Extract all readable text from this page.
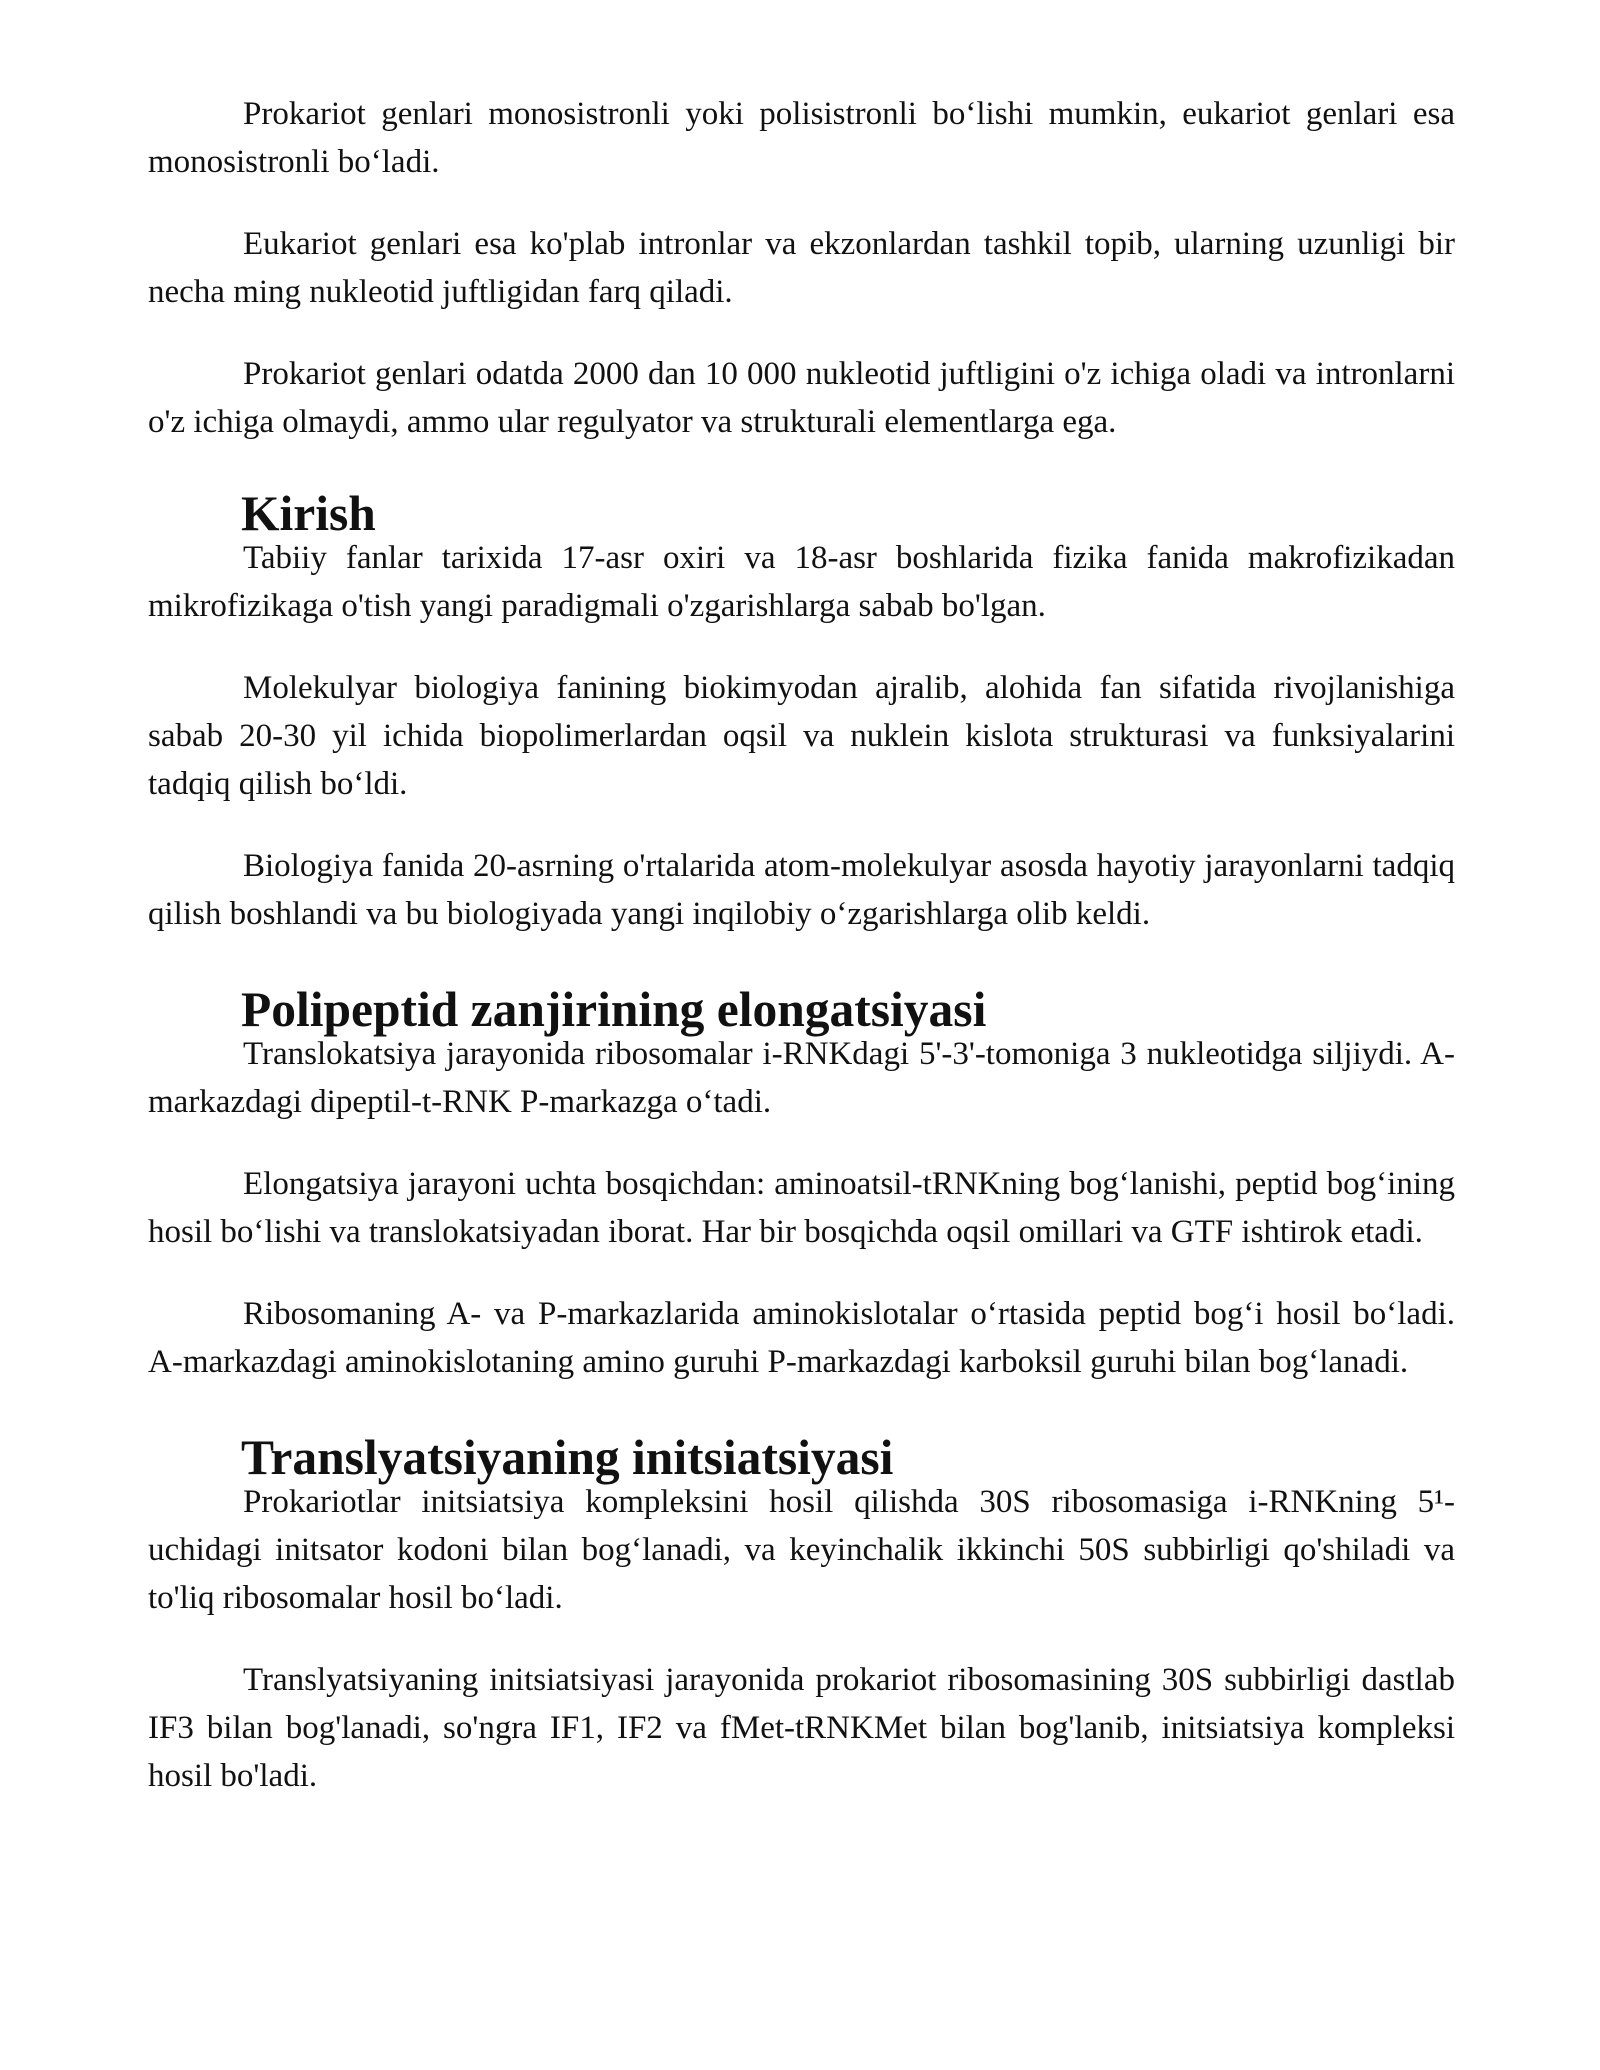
Prokariot genlari monosistronli yoki polisistronli bo‘lishi mumkin, eukariot genlari esa monosistronli bo‘ladi.

Eukariot genlari esa ko'plab intronlar va ekzonlardan tashkil topib, ularning uzunligi bir necha ming nukleotid juftligidan farq qiladi.

Prokariot genlari odatda 2000 dan 10 000 nukleotid juftligini o'z ichiga oladi va intronlarni o'z ichiga olmaydi, ammo ular regulyator va strukturali elementlarga ega.

Kirish

Tabiiy fanlar tarixida 17-asr oxiri va 18-asr boshlarida fizika fanida makrofizikadan mikrofizikaga o'tish yangi paradigmali o'zgarishlarga sabab bo'lgan.

Molekulyar biologiya fanining biokimyodan ajralib, alohida fan sifatida rivojlanishiga sabab 20-30 yil ichida biopolimerlardan oqsil va nuklein kislota strukturasi va funksiyalarini tadqiq qilish bo‘ldi.

Biologiya fanida 20-asrning o'rtalarida atom-molekulyar asosda hayotiy jarayonlarni tadqiq qilish boshlandi va bu biologiyada yangi inqilobiy o‘zgarishlarga olib keldi.

Polipeptid zanjirining elongatsiyasi

Translokatsiya jarayonida ribosomalar i-RNKdagi 5'-3'-tomoniga 3 nukleotidga siljiydi. A-markazdagi dipeptil-t-RNK P-markazga o‘tadi.

Elongatsiya jarayoni uchta bosqichdan: aminoatsil-tRNKning bog‘lanishi, peptid bog‘ining hosil bo‘lishi va translokatsiyadan iborat. Har bir bosqichda oqsil omillari va GTF ishtirok etadi.

Ribosomaning A- va P-markazlarida aminokislotalar o‘rtasida peptid bog‘i hosil bo‘ladi. A-markazdagi aminokislotaning amino guruhi P-markazdagi karboksil guruhi bilan bog‘lanadi.

Translyatsiyaning initsiatsiyasi

Prokariotlar initsiatsiya kompleksini hosil qilishda 30S ribosomasiga i-RNKning 5¹-uchidagi initsator kodoni bilan bog‘lanadi, va keyinchalik ikkinchi 50S subbirligi qo'shiladi va to'liq ribosomalar hosil bo‘ladi.

Translyatsiyaning initsiatsiyasi jarayonida prokariot ribosomasining 30S subbirligi dastlab IF3 bilan bog'lanadi, so'ngra IF1, IF2 va fMet-tRNKMet bilan bog'lanib, initsiatsiya kompleksi hosil bo'ladi.
